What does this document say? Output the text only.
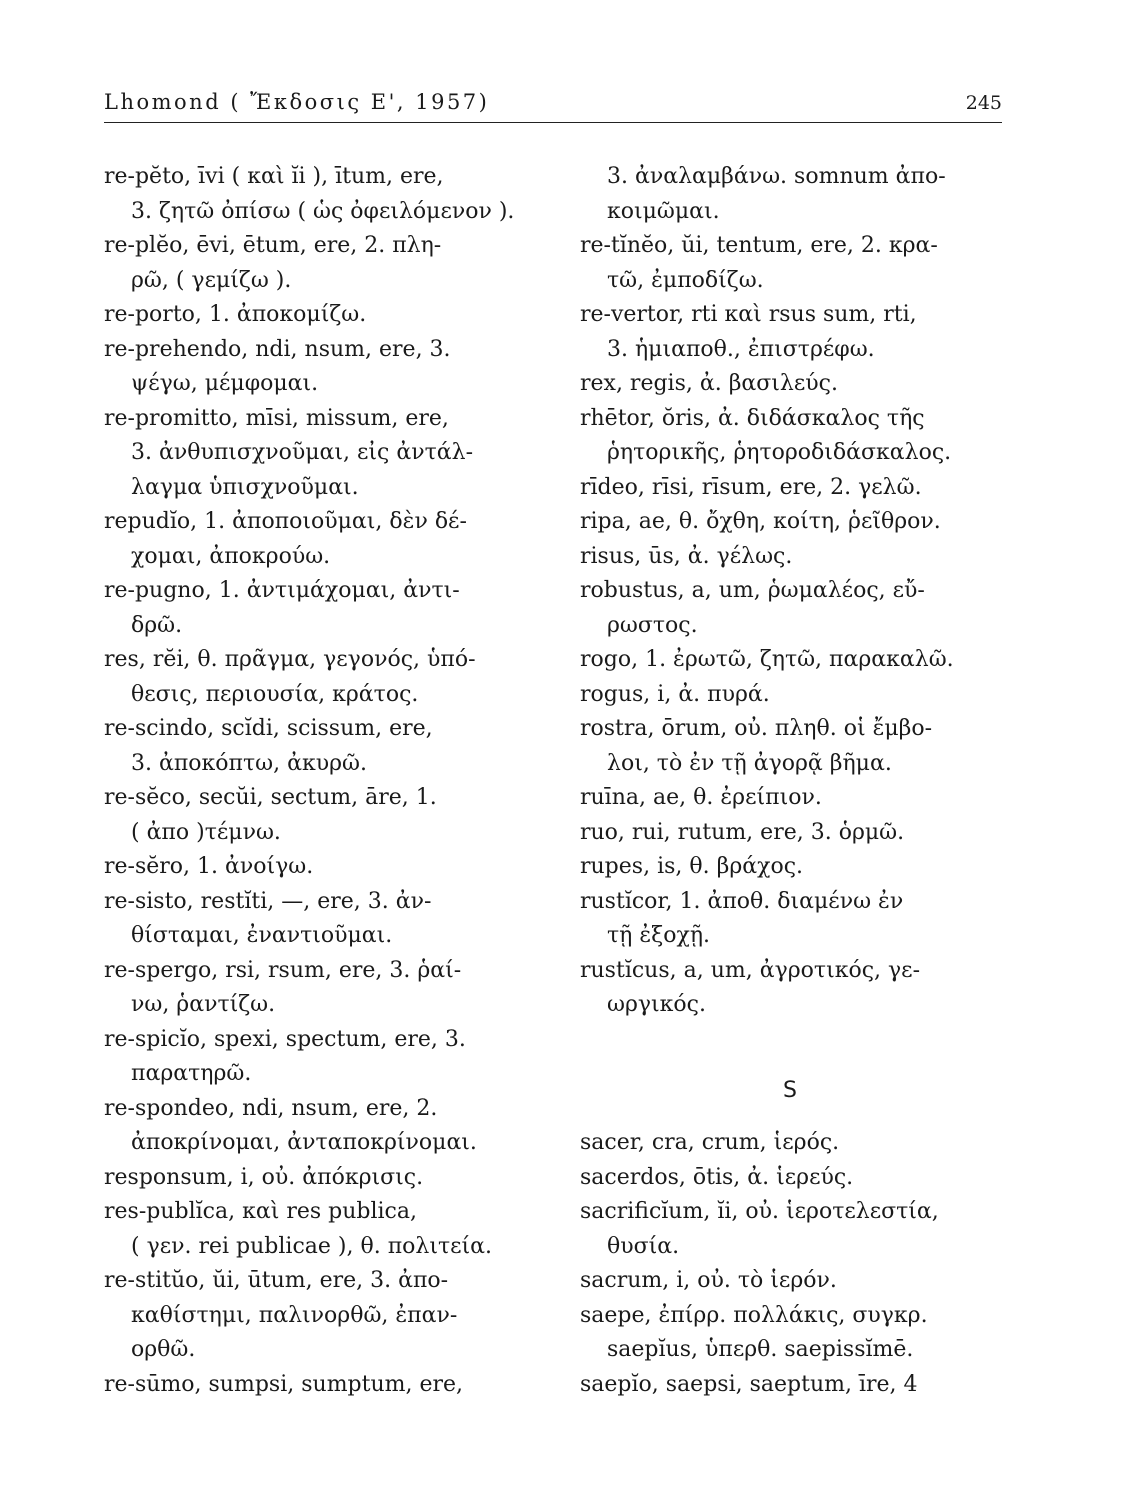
Lhomond ( Ἔκδοσις Ε', 1957)	245
re-pĕto, īvi ( καὶ ĭi ), ītum, ere,
3. ζητῶ ὀπίσω ( ὡς ὀφειλόμενον ).
re-plĕo, ēvi, ētum, ere, 2. πλη-
ρῶ, ( γεμίζω ).
re-porto, 1. ἀποκομίζω.
re-prehendo, ndi, nsum, ere, 3.
ψέγω, μέμφομαι.
re-promitto, mīsi, missum, ere,
3. ἀνθυπισχνοῦμαι, εἰς ἀντάλ-
λαγμα ὑπισχνοῦμαι.
repudĭo, 1. ἀποποιοῦμαι, δὲν δέ-
χομαι, ἀποκρούω.
re-pugno, 1. ἀντιμάχομαι, ἀντι-
δρῶ.
res, rĕi, θ. πρᾶγμα, γεγονός, ὑπό-
θεσις, περιουσία, κράτος.
re-scindo, scĭdi, scissum, ere,
3. ἀποκόπτω, ἀκυρῶ.
re-sĕco, secŭi, sectum, āre, 1.
( ἀπο )τέμνω.
re-sĕro, 1. ἀνοίγω.
re-sisto, restĭti, —, ere, 3. ἀν-
θίσταμαι, ἐναντιοῦμαι.
re-spergo, rsi, rsum, ere, 3. ῥαί-
νω, ῥαντίζω.
re-spicĭo, spexi, spectum, ere, 3.
παρατηρῶ.
re-spondeo, ndi, nsum, ere, 2.
ἀποκρίνομαι, ἀνταποκρίνομαι.
responsum, i, οὐ. ἀπόκρισις.
res-publĭca, καὶ res publica,
( γεν. rei publicae ), θ. πολιτεία.
re-stitŭo, ŭi, ūtum, ere, 3. ἀπο-
καθίστημι, παλινορθῶ, ἐπαν-
ορθῶ.
re-sūmo, sumpsi, sumptum, ere,
3. ἀναλαμβάνω. somnum ἀπο-
κοιμῶμαι.
re-tĭnĕo, ŭi, tentum, ere, 2. κρα-
τῶ, ἐμποδίζω.
re-vertor, rti καὶ rsus sum, rti,
3. ἡμιαποθ., ἐπιστρέφω.
rex, regis, ἀ. βασιλεύς.
rhētor, ŏris, ἀ. διδάσκαλος τῆς
ῥητορικῆς, ῥητοροδιδάσκαλος.
rīdeo, rīsi, rīsum, ere, 2. γελῶ.
ripa, ae, θ. ὄχθη, κοίτη, ῥεῖθρον.
risus, ūs, ἀ. γέλως.
robustus, a, um, ῥωμαλέος, εὔ-
ρωστος.
rogo, 1. ἐρωτῶ, ζητῶ, παρακαλῶ.
rogus, i, ἀ. πυρά.
rostra, ōrum, οὐ. πληθ. οἱ ἔμβο-
λοι, τὸ ἐν τῇ ἀγορᾷ βῆμα.
ruīna, ae, θ. ἐρείπιον.
ruo, rui, rutum, ere, 3. ὁρμῶ.
rupes, is, θ. βράχος.
rustĭcor, 1. ἀποθ. διαμένω ἐν
τῇ ἐξοχῇ.
rustĭcus, a, um, ἀγροτικός, γε-
ωργικός.
sacer, cra, crum, ἱερός.
sacerdos, ōtis, ἀ. ἱερεύς.
sacrificĭum, ĭi, οὐ. ἱεροτελεστία,
θυσία.
sacrum, i, οὐ. τὸ ἱερόν.
saepe, ἐπίρρ. πολλάκις, συγκρ.
saepĭus, ὑπερθ. saepissĭmē.
saepĭo, saepsi, saeptum, īre, 4
S
